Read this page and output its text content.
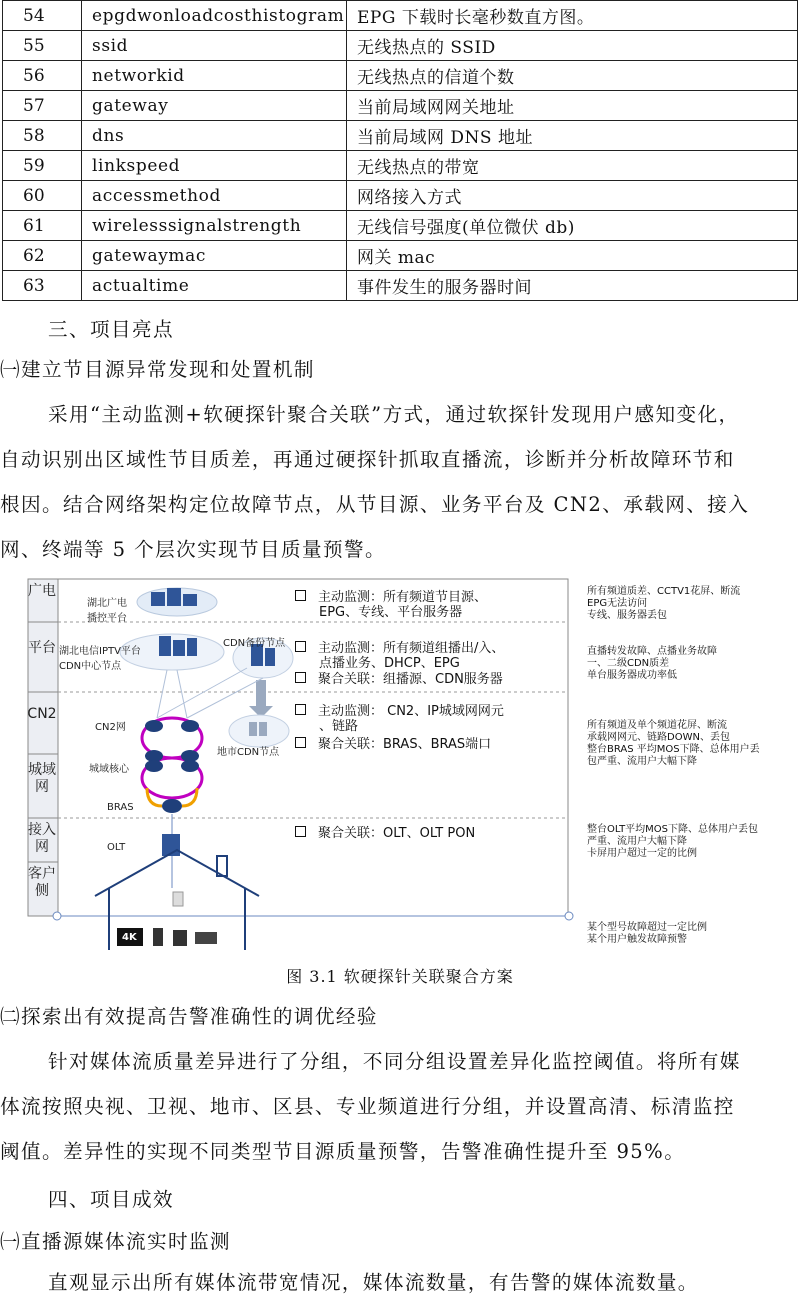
54	epgdwonloadcosthistogram	EPG 下载时长毫秒数直方图。
55	ssid	无线热点的 SSID
56	networkid	无线热点的信道个数
57	gateway	当前局域网网关地址
58	dns	当前局域网 DNS 地址
59	linkspeed	无线热点的带宽
60	accessmethod	网络接入方式
61	wirelesssignalstrength	无线信号强度(单位微伏 db)
62	gatewaymac	网关 mac
63	actualtime	事件发生的服务器时间
三、项目亮点
㈠建立节目源异常发现和处置机制
采用“主动监测+软硬探针聚合关联”方式，通过软探针发现用户感知变化，
自动识别出区域性节目质差，再通过硬探针抓取直播流，诊断并分析故障环节和
根因。结合网络架构定位故障节点，从节目源、业务平台及 CN2、承载网、接入
网、终端等 5 个层次实现节目质量预警。
广电
平台
CN2
城域网
接入网
客户侧
湖北广电
播控平台
湖北电信IPTV平台
CDN中心节点
CDN备份节点
CN2网
城域核心
BRAS
地市CDN节点
OLT
4K
主动监测：所有频道节目源、
EPG、专线、平台服务器
主动监测：所有频道组播出/入、
点播业务、DHCP、EPG
聚合关联：组播源、CDN服务器
主动监测： CN2、IP城域网网元
、链路
聚合关联：BRAS、BRAS端口
聚合关联：OLT、OLT PON
所有频道质差、CCTV1花屏、断流
EPG无法访问
专线、服务器丢包
直播转发故障、点播业务故障
一、二级CDN质差
单台服务器成功率低
所有频道及单个频道花屏、断流
承载网网元、链路DOWN、丢包
整台BRAS 平均MOS下降、总体用户丢
包严重、流用户大幅下降
整台OLT平均MOS下降、总体用户丢包
严重、流用户大幅下降
卡屏用户超过一定的比例
某个型号故障超过一定比例
某个用户触发故障预警
图 3.1 软硬探针关联聚合方案
㈡探索出有效提高告警准确性的调优经验
针对媒体流质量差异进行了分组，不同分组设置差异化监控阈值。将所有媒
体流按照央视、卫视、地市、区县、专业频道进行分组，并设置高清、标清监控
阈值。差异性的实现不同类型节目源质量预警，告警准确性提升至 95%。
四、项目成效
㈠直播源媒体流实时监测
直观显示出所有媒体流带宽情况，媒体流数量，有告警的媒体流数量。
